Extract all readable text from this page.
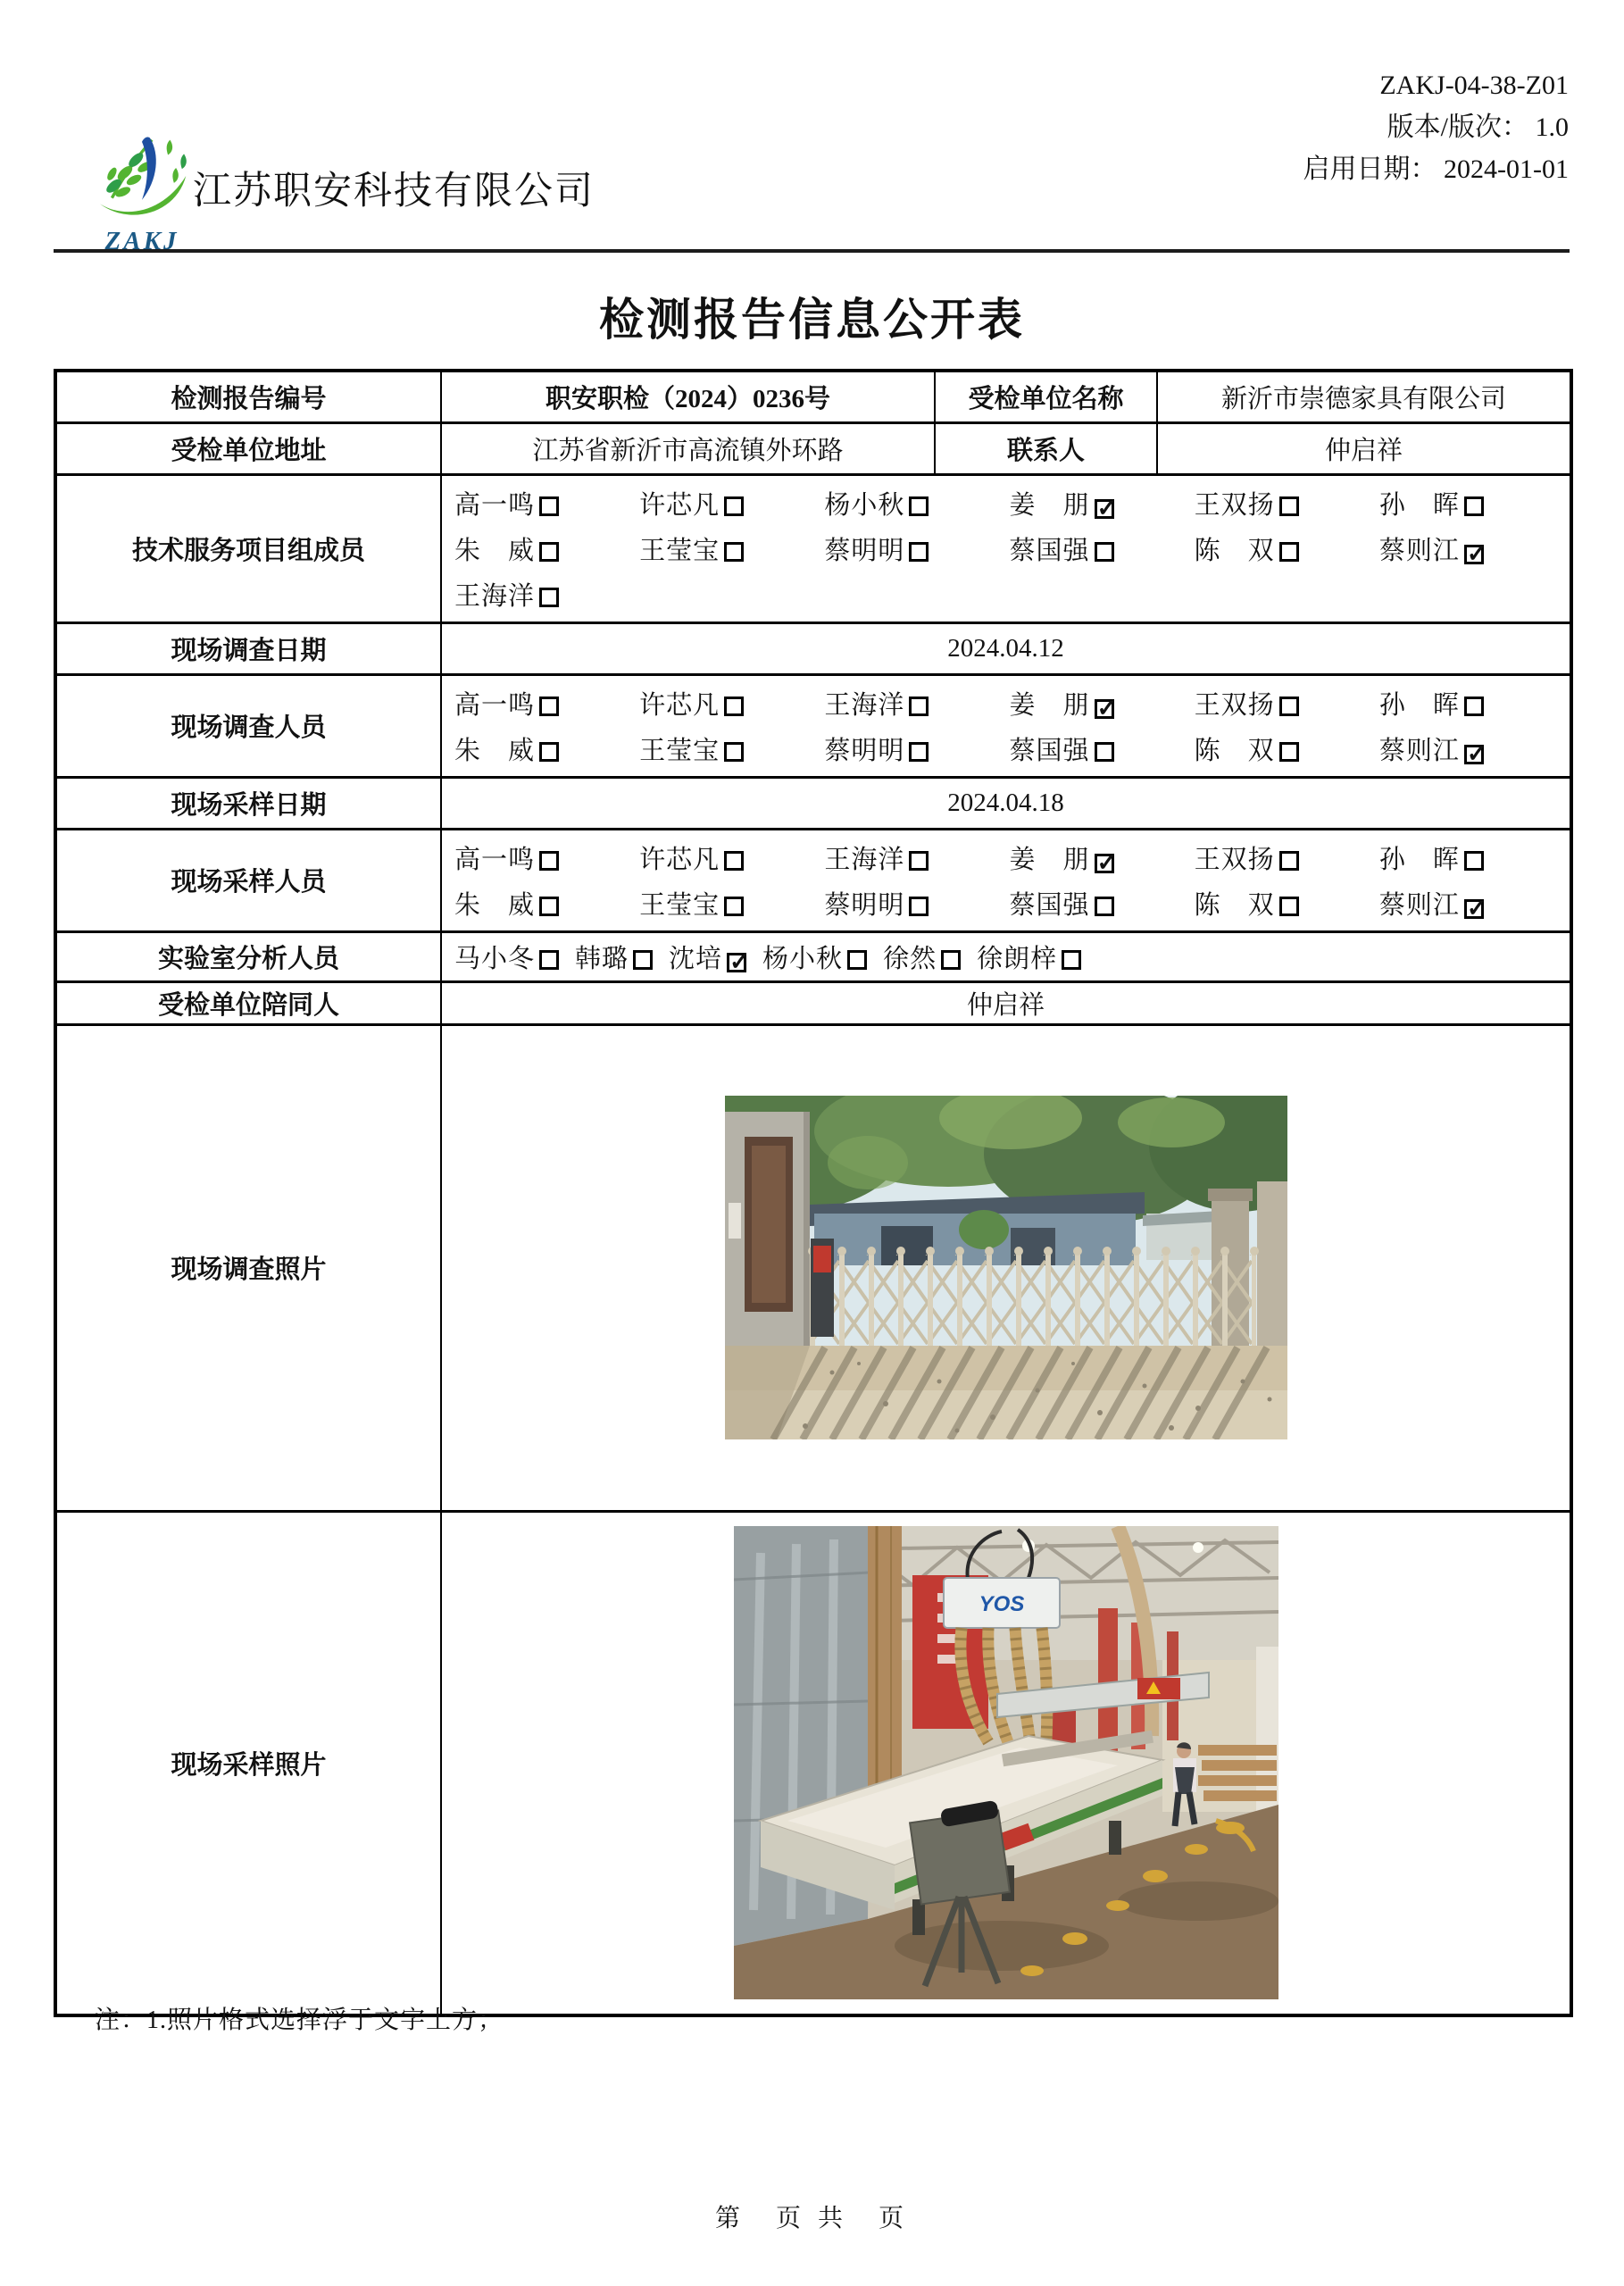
ZAKJ
江苏职安科技有限公司
ZAKJ-04-38-Z01
版本/版次： 1.0
启用日期： 2024-01-01
检测报告信息公开表
检测报告编号	职安职检（2024）0236号	受检单位名称	新沂市崇德家具有限公司
受检单位地址	江苏省新沂市高流镇外环路	联系人	仲启祥
技术服务项目组成员	
高一鸣	许芯凡	杨小秋	姜　朋 ✓	王双扬	孙　晖
朱　威	王莹宝	蔡明明	蔡国强	陈　双	蔡则江 ✓
王海洋

现场调查日期	2024.04.12		
现场调查人员	
高一鸣	许芯凡	王海洋	姜　朋 ✓	王双扬	孙　晖
朱　威	王莹宝	蔡明明	蔡国强	陈　双	蔡则江 ✓

现场采样日期	2024.04.18		
现场采样人员	
高一鸣	许芯凡	王海洋	姜　朋 ✓	王双扬	孙　晖
朱　威	王莹宝	蔡明明	蔡国强	陈　双	蔡则江 ✓

实验室分析人员	马小冬	韩璐	沈培 ✓ 杨小秋	徐然	徐朗梓

受检单位陪同人	仲启祥		
现场调查照片	

现场采样照片	YOS		
注：1.照片格式选择浮于文字上方；
第　页 共　页
